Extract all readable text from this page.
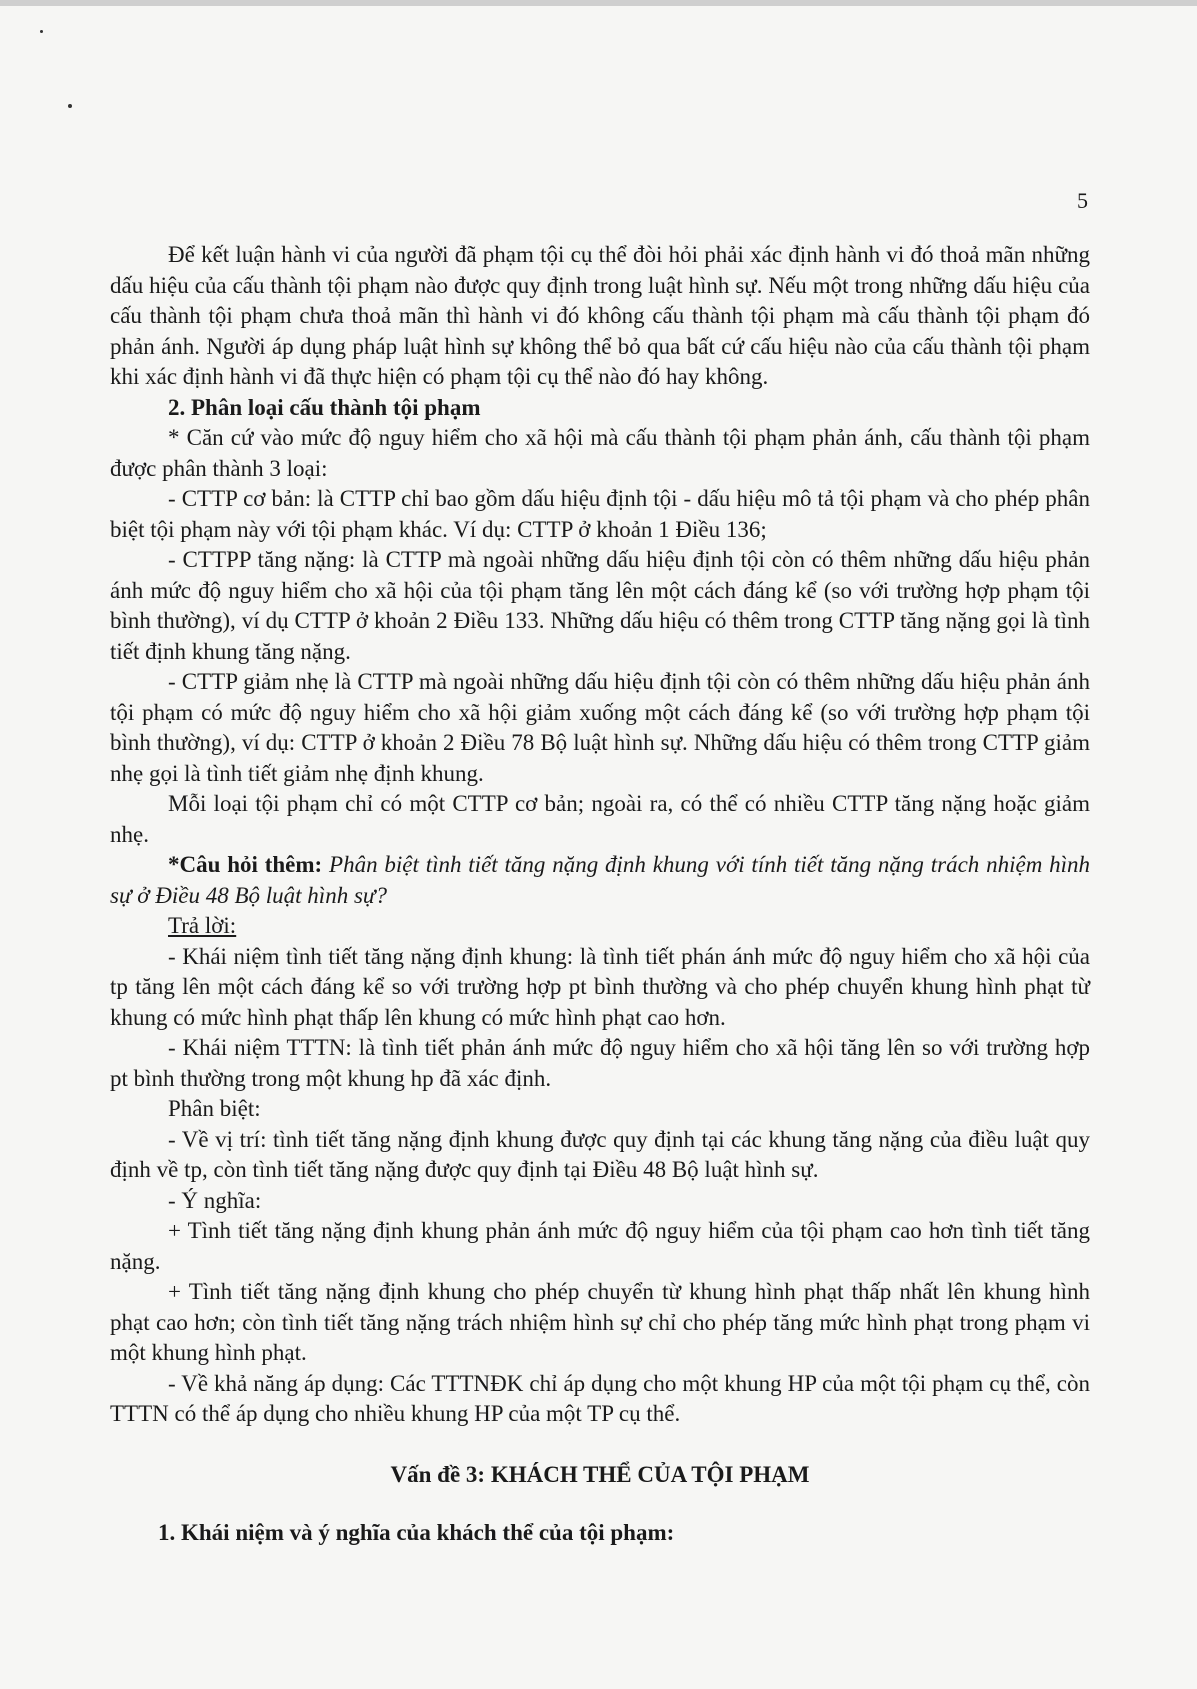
5

Để kết luận hành vi của người đã phạm tội cụ thể đòi hỏi phải xác định hành vi đó thoả mãn những dấu hiệu của cấu thành tội phạm nào được quy định trong luật hình sự. Nếu một trong những dấu hiệu của cấu thành tội phạm chưa thoả mãn thì hành vi đó không cấu thành tội phạm mà cấu thành tội phạm đó phản ánh. Người áp dụng pháp luật hình sự không thể bỏ qua bất cứ cấu hiệu nào của cấu thành tội phạm khi xác định hành vi đã thực hiện có phạm tội cụ thể nào đó hay không.

2. Phân loại cấu thành tội phạm

* Căn cứ vào mức độ nguy hiểm cho xã hội mà cấu thành tội phạm phản ánh, cấu thành tội phạm được phân thành 3 loại:

- CTTP cơ bản: là CTTP chỉ bao gồm dấu hiệu định tội - dấu hiệu mô tả tội phạm và cho phép phân biệt tội phạm này với tội phạm khác. Ví dụ: CTTP ở khoản 1 Điều 136;

- CTTPP tăng nặng: là CTTP mà ngoài những dấu hiệu định tội còn có thêm những dấu hiệu phản ánh mức độ nguy hiểm cho xã hội của tội phạm tăng lên một cách đáng kể (so với trường hợp phạm tội bình thường), ví dụ CTTP ở khoản 2 Điều 133. Những dấu hiệu có thêm trong CTTP tăng nặng gọi là tình tiết định khung tăng nặng.

- CTTP giảm nhẹ là CTTP mà ngoài những dấu hiệu định tội còn có thêm những dấu hiệu phản ánh tội phạm có mức độ nguy hiểm cho xã hội giảm xuống một cách đáng kể (so với trường hợp phạm tội bình thường), ví dụ: CTTP ở khoản 2 Điều 78 Bộ luật hình sự. Những dấu hiệu có thêm trong CTTP giảm nhẹ gọi là tình tiết giảm nhẹ định khung.

Mỗi loại tội phạm chỉ có một CTTP cơ bản; ngoài ra, có thể có nhiều CTTP tăng nặng hoặc giảm nhẹ.

*Câu hỏi thêm: Phân biệt tình tiết tăng nặng định khung với tính tiết tăng nặng trách nhiệm hình sự ở Điều 48 Bộ luật hình sự?

Trả lời:

- Khái niệm tình tiết tăng nặng định khung: là tình tiết phán ánh mức độ nguy hiểm cho xã hội của tp tăng lên một cách đáng kể so với trường hợp pt bình thường và cho phép chuyển khung hình phạt từ khung có mức hình phạt thấp lên khung có mức hình phạt cao hơn.

- Khái niệm TTTN: là tình tiết phản ánh mức độ nguy hiểm cho xã hội tăng lên so với trường hợp pt bình thường trong một khung hp đã xác định.

Phân biệt:

- Về vị trí: tình tiết tăng nặng định khung được quy định tại các khung tăng nặng của điều luật quy định về tp, còn tình tiết tăng nặng được quy định tại Điều 48 Bộ luật hình sự.

- Ý nghĩa:

+ Tình tiết tăng nặng định khung phản ánh mức độ nguy hiểm của tội phạm cao hơn tình tiết tăng nặng.

+ Tình tiết tăng nặng định khung cho phép chuyển từ khung hình phạt thấp nhất lên khung hình phạt cao hơn; còn tình tiết tăng nặng trách nhiệm hình sự chỉ cho phép tăng mức hình phạt trong phạm vi một khung hình phạt.

- Về khả năng áp dụng: Các TTTNĐK chỉ áp dụng cho một khung HP của một tội phạm cụ thể, còn TTTN có thể áp dụng cho nhiều khung HP của một TP cụ thể.

Vấn đề 3: KHÁCH THỂ CỦA TỘI PHẠM

1. Khái niệm và ý nghĩa của khách thể của tội phạm:
